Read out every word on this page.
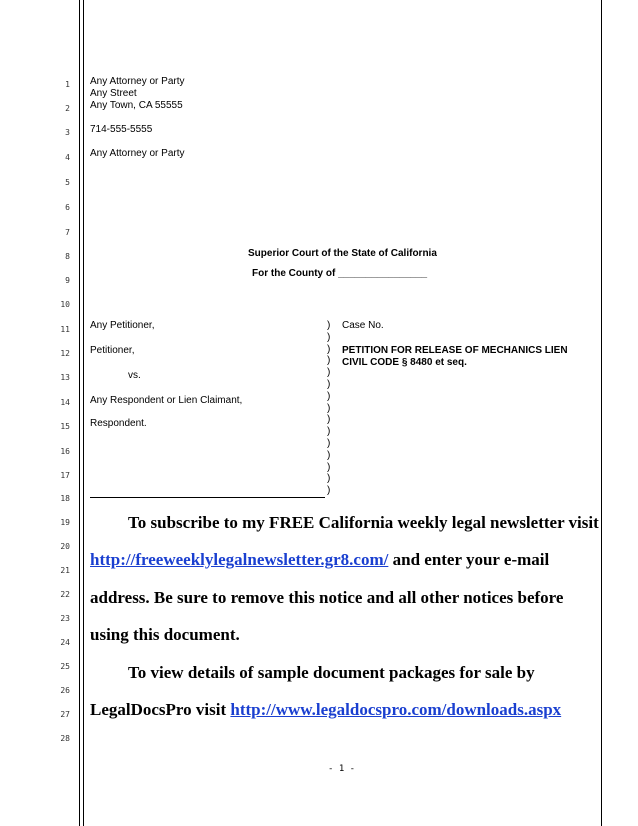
1
2
3
4
5
6
7
8
9
10
11
12
13
14
15
16
17
18
19
20
21
22
23
24
25
26
27
28
Any Attorney or Party
Any Street
Any Town, CA 55555
714-555-5555
Any Attorney or Party
Superior Court of the State of California
For the County of ________________
Any Petitioner,
Petitioner,
vs.
Any Respondent or Lien Claimant,
Respondent.
)
)
)
)
)
)
)
)
)
)
)
)
)
)
)
Case No.
PETITION FOR RELEASE OF MECHANICS LIEN
CIVIL CODE § 8480 et seq.
To subscribe to my FREE California weekly legal newsletter visit
http://freeweeklylegalnewsletter.gr8.com/ and enter your e-mail
address. Be sure to remove this notice and all other notices before
using this document.
To view details of sample document packages for sale by
LegalDocsPro visit http://www.legaldocspro.com/downloads.aspx
- 1 -
